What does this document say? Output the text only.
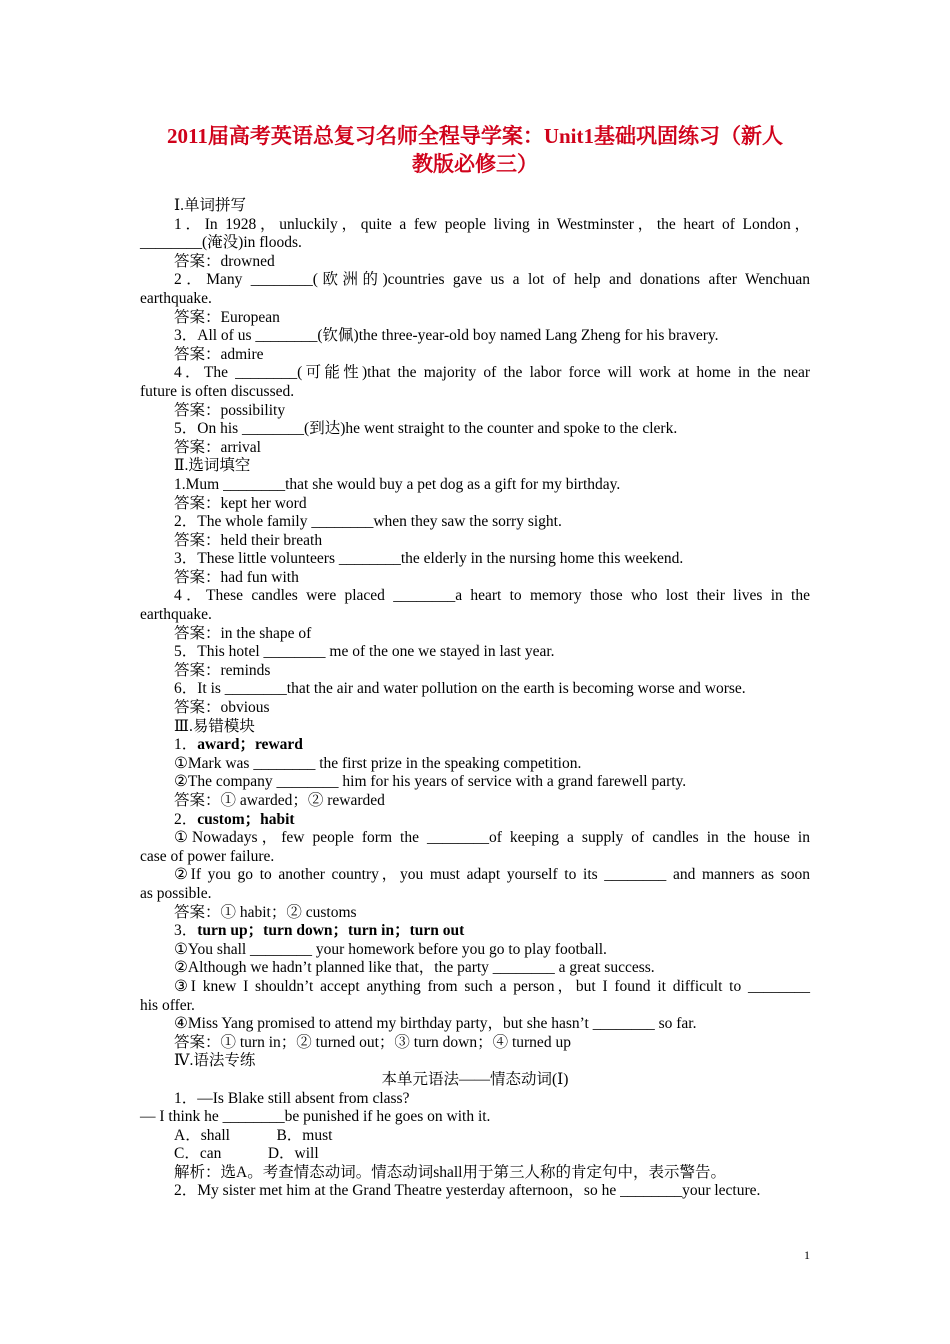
2011届高考英语总复习名师全程导学案：Unit1基础巩固练习（新人
教版必修三）
Ⅰ.单词拼写
1．In 1928，unluckily，quite a few people living in Westminster，the heart of London，
________(淹没)in floods.
答案：drowned
2．Many ________(欧洲的)countries gave us a lot of help and donations after Wenchuan
earthquake.
答案：European
3．All of us ________(钦佩)the three-year-old boy named Lang Zheng for his bravery.
答案：admire
4．The ________(可能性)that the majority of the labor force will work at home in the near
future is often discussed.
答案：possibility
5．On his ________(到达)he went straight to the counter and spoke to the clerk.
答案：arrival
Ⅱ.选词填空
1.Mum ________that she would buy a pet dog as a gift for my birthday.
答案：kept her word
2．The whole family ________when they saw the sorry sight.
答案：held their breath
3．These little volunteers ________the elderly in the nursing home this weekend.
答案：had fun with
4．These candles were placed ________a heart to memory those who lost their lives in the
earthquake.
答案：in the shape of
5．This hotel ________ me of the one we stayed in last year.
答案：reminds
6．It is ________that the air and water pollution on the earth is becoming worse and worse.
答案：obvious
Ⅲ.易错模块
1．award；reward
①Mark was ________ the first prize in the speaking competition.
②The company ________ him for his years of service with a grand farewell party.
答案：① awarded；② rewarded
2．custom；habit
①Nowadays，few people form the ________of keeping a supply of candles in the house in
case of power failure.
②If you go to another country，you must adapt yourself to its ________ and manners as soon
as possible.
答案：① habit；② customs
3．turn up；turn down；turn in；turn out
①You shall ________ your homework before you go to play football.
②Although we hadn’t planned like that，the party ________ a great success.
③I knew I shouldn’t accept anything from such a person，but I found it difficult to ________
his offer.
④Miss Yang promised to attend my birthday party，but she hasn’t ________ so far.
答案：① turn in；② turned out；③ turn down；④ turned up
Ⅳ.语法专练
本单元语法——情态动词(Ⅰ)
1．—Is Blake still absent from class?
— I think he ________be punished if he goes on with it.
A．shall　　　B．must
C．can　　　D．will
解析：选A。考查情态动词。情态动词shall用于第三人称的肯定句中，表示警告。
2．My sister met him at the Grand Theatre yesterday afternoon，so he ________your lecture.
1
